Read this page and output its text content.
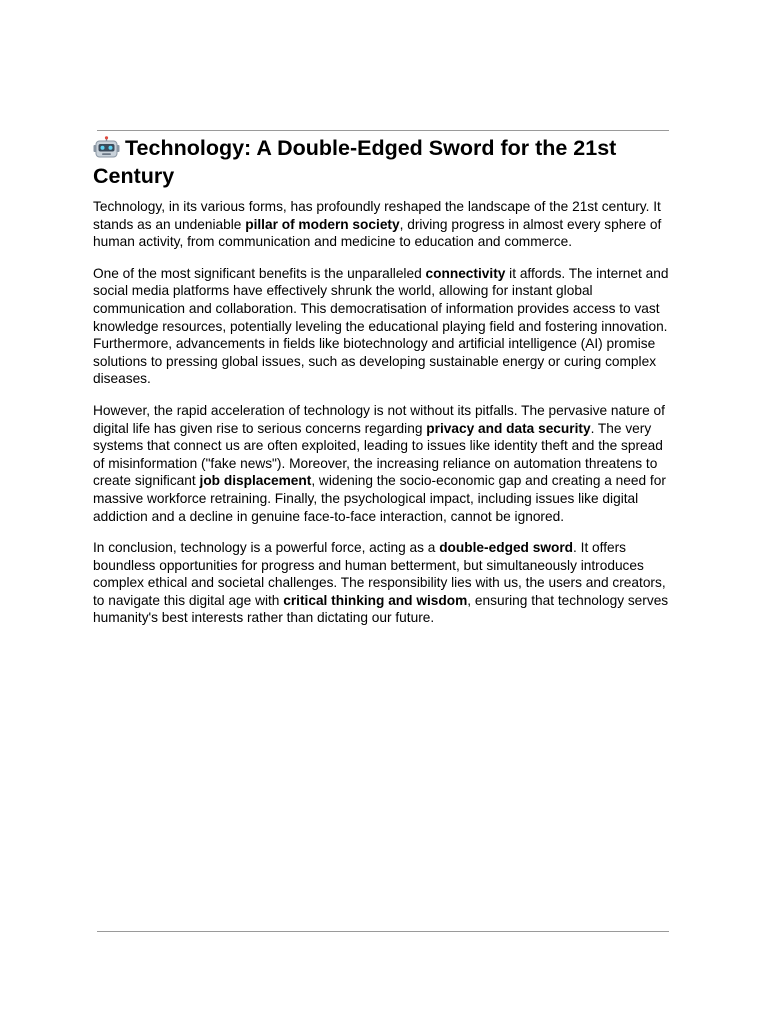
Technology: A Double-Edged Sword for the 21st Century

Technology, in its various forms, has profoundly reshaped the landscape of the 21st century. It stands as an undeniable pillar of modern society, driving progress in almost every sphere of human activity, from communication and medicine to education and commerce.

One of the most significant benefits is the unparalleled connectivity it affords. The internet and social media platforms have effectively shrunk the world, allowing for instant global communication and collaboration. This democratisation of information provides access to vast knowledge resources, potentially leveling the educational playing field and fostering innovation. Furthermore, advancements in fields like biotechnology and artificial intelligence (AI) promise solutions to pressing global issues, such as developing sustainable energy or curing complex diseases.

However, the rapid acceleration of technology is not without its pitfalls. The pervasive nature of digital life has given rise to serious concerns regarding privacy and data security. The very systems that connect us are often exploited, leading to issues like identity theft and the spread of misinformation ("fake news"). Moreover, the increasing reliance on automation threatens to create significant job displacement, widening the socio-economic gap and creating a need for massive workforce retraining. Finally, the psychological impact, including issues like digital addiction and a decline in genuine face-to-face interaction, cannot be ignored.

In conclusion, technology is a powerful force, acting as a double-edged sword. It offers boundless opportunities for progress and human betterment, but simultaneously introduces complex ethical and societal challenges. The responsibility lies with us, the users and creators, to navigate this digital age with critical thinking and wisdom, ensuring that technology serves humanity's best interests rather than dictating our future.
